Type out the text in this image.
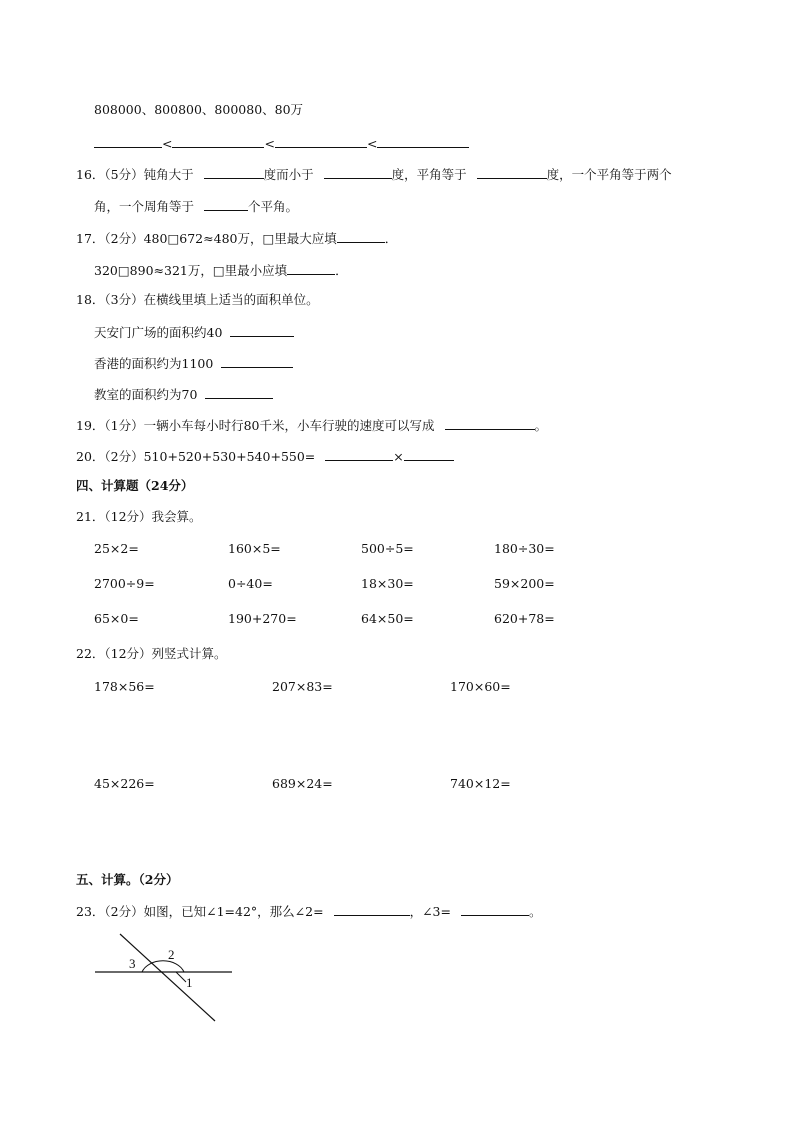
808000、800800、800080、80万
<	<	<
16．（5分）钝角大于	度而小于	度，平角等于	度，一个平角等于两个
角，一个周角等于	个平角。
17．（2分）480□672≈480万，□里最大应填	．
320□890≈321万，□里最小应填	．
18．（3分）在横线里填上适当的面积单位。
天安门广场的面积约40
香港的面积约为1100
教室的面积约为70
19．（1分）一辆小车每小时行80千米，小车行驶的速度可以写成	。
20．（2分）510+520+530+540+550=	×
四、计算题（24分）
21．（12分）我会算。
25×2=	160×5=	500÷5=	180÷30=
2700÷9=	0÷40=	18×30=	59×200=
65×0=	190+270=	64×50=	620+78=
22．（12分）列竖式计算。
178×56=	207×83=	170×60=
45×226=	689×24=	740×12=
五、计算。（2分）
23．（2分）如图，已知∠1=42°，那么∠2=	，∠3=	。
2
3
1
